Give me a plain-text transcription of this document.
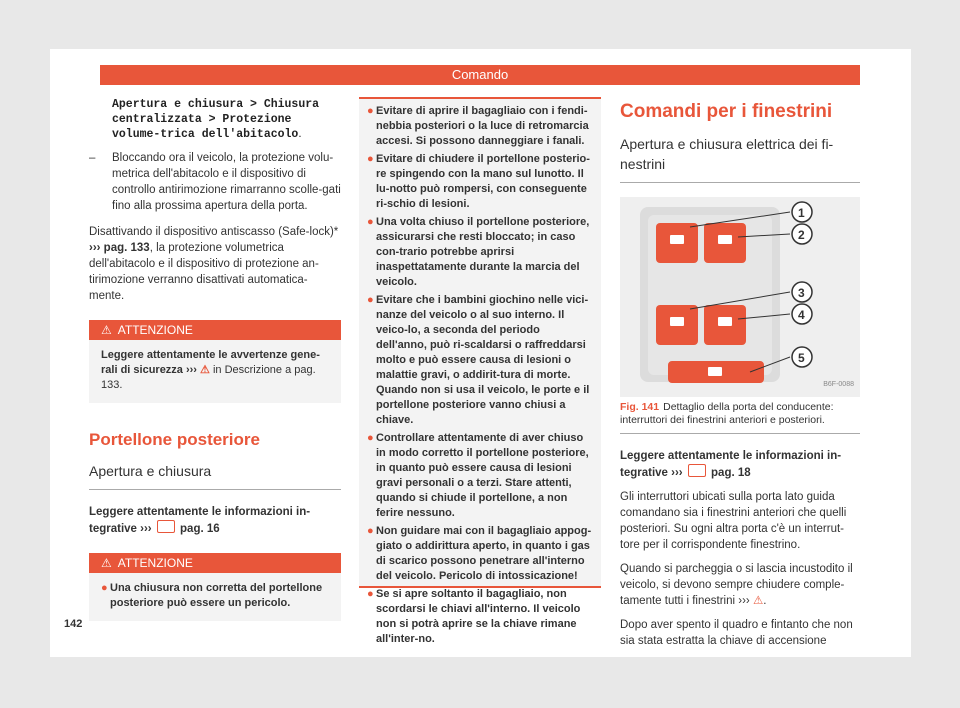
Comando
Apertura e chiusura > Chiusura centralizzata > Protezione volume-trica dell'abitacolo.
– Bloccando ora il veicolo, la protezione volu-metrica dell'abitacolo e il dispositivo di controllo antirimozione rimarranno scolle-gati fino alla prossima apertura della porta.

Disattivando il dispositivo antiscasso (Safe-lock)* ››› pag. 133, la protezione volumetrica dell'abitacolo e il dispositivo di protezione an-tirimozione verranno disattivati automatica-mente.

⚠ ATTENZIONE
Leggere attentamente le avvertenze gene-rali di sicurezza ››› ⚠ in Descrizione a pag. 133.
Portellone posteriore
Apertura e chiusura

Leggere attentamente le informazioni in-tegrative ›››  pag. 16

⚠ ATTENZIONE
● Una chiusura non corretta del portellone posteriore può essere un pericolo.
● Evitare di aprire il bagagliaio con i fendi-nebbia posteriori o la luce di retromarcia accesi. Si possono danneggiare i fanali.
● Evitare di chiudere il portellone posterio-re spingendo con la mano sul lunotto. Il lu-notto può rompersi, con conseguente ri-schio di lesioni.
● Una volta chiuso il portellone posteriore, assicurarsi che resti bloccato; in caso con-trario potrebbe aprirsi inaspettatamente durante la marcia del veicolo.
● Evitare che i bambini giochino nelle vici-nanze del veicolo o al suo interno. Il veico-lo, a seconda del periodo dell'anno, può ri-scaldarsi o raffreddarsi molto e può essere causa di lesioni o malattie gravi, o addirit-tura di morte. Quando non si usa il veicolo, le porte e il portellone posteriore vanno chiusi a chiave.
● Controllare attentamente di aver chiuso in modo corretto il portellone posteriore, in quanto può essere causa di lesioni gravi personali o a terzi. Stare attenti, quando si chiude il portellone, a non ferire nessuno.
● Non guidare mai con il bagagliaio appog-giato o addirittura aperto, in quanto i gas di scarico possono penetrare all'interno del veicolo. Pericolo di intossicazione!
● Se si apre soltanto il bagagliaio, non scordarsi le chiavi all'interno. Il veicolo non si potrà aprire se la chiave rimane all'inter-no.
Comandi per i finestrini
Apertura e chiusura elettrica dei fi-nestrini
1
2
3
4
5
B6F-0088
Fig. 141 Dettaglio della porta del conducente: interruttori dei finestrini anteriori e posteriori.

Leggere attentamente le informazioni in-tegrative ›››  pag. 18

Gli interruttori ubicati sulla porta lato guida comandano sia i finestrini anteriori che quelli posteriori. Su ogni altra porta c'è un interrut-tore per il corrispondente finestrino.

Quando si parcheggia o si lascia incustodito il veicolo, si devono sempre chiudere comple-tamente tutti i finestrini ››› ⚠.

Dopo aver spento il quadro e fintanto che non sia stata estratta la chiave di accensione

142
